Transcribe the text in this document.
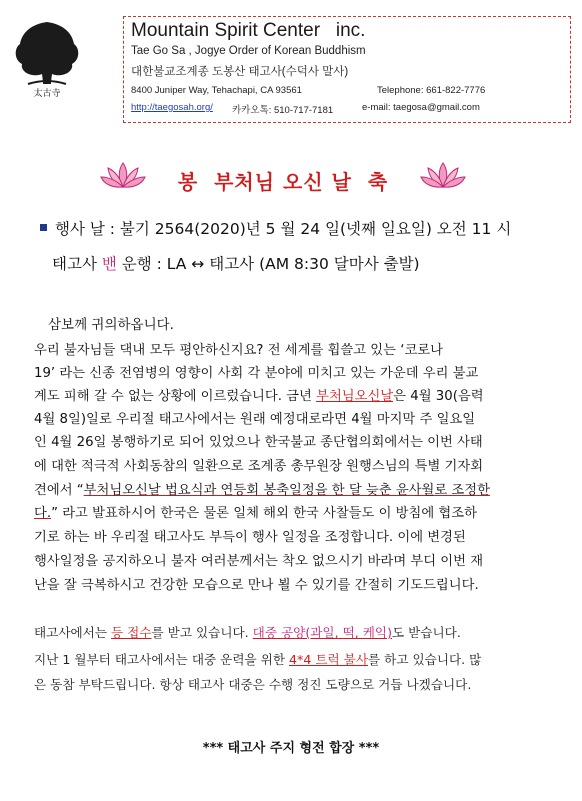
太古寺
Mountain Spirit Center   inc.
Tae Go Sa , Jogye Order of Korean Buddhism
대한불교조계종 도봉산 태고사(수덕사 말사)
8400 Juniper Way, Tehachapi, CA 93561	Telephone: 661-822-7776
http://taegosah.org/ 카카오톡: 510-717-7181	e-mail: taegosa@gmail.com
봉  부처님 오신 날  축
행사 날 : 불기 2564(2020)년 5 월 24 일(넷째 일요일) 오전 11 시
태고사 밴 운행 : LA ↔ 태고사 (AM 8:30 달마사 출발)
삼보께 귀의하옵니다.
우리 불자님들 댁내 모두 평안하신지요? 전 세계를 휩쓸고 있는 ‘코로나
19’ 라는 신종 전염병의 영향이 사회 각 분야에 미치고 있는 가운데 우리 불교
계도 피해 갈 수 없는 상황에 이르렀습니다. 금년 부처님오신날은 4월 30(음력
4월 8일)일로 우리절 태고사에서는 원래 예정대로라면 4월 마지막 주 일요일
인 4월 26일 봉행하기로 되어 있었으나 한국불교 종단협의회에서는 이번 사태
에 대한 적극적 사회동참의 일환으로 조계종 총무원장 원행스님의 특별 기자회
견에서 “부처님오신날 법요식과 연등회 봉축일정을 한 달 늦춘 윤사월로 조정한
다.” 라고 발표하시어 한국은 물론 일체 해외 한국 사찰들도 이 방침에 협조하
기로 하는 바 우리절 태고사도 부득이 행사 일정을 조정합니다. 이에 변경된
행사일정을 공지하오니 불자 여러분께서는 착오 없으시기 바라며 부디 이번 재
난을 잘 극복하시고 건강한 모습으로 만나 뵐 수 있기를 간절히 기도드립니다.
태고사에서는 등 접수를 받고 있습니다. 대중 공양(과일, 떡, 케익)도 받습니다.
지난 1 월부터 태고사에서는 대중 운력을 위한 4*4 트럭 불사를 하고 있습니다. 많
은 동참 부탁드립니다. 항상 태고사 대중은 수행 정진 도량으로 거듭 나겠습니다.
*** 태고사 주지 형전 합장 ***
